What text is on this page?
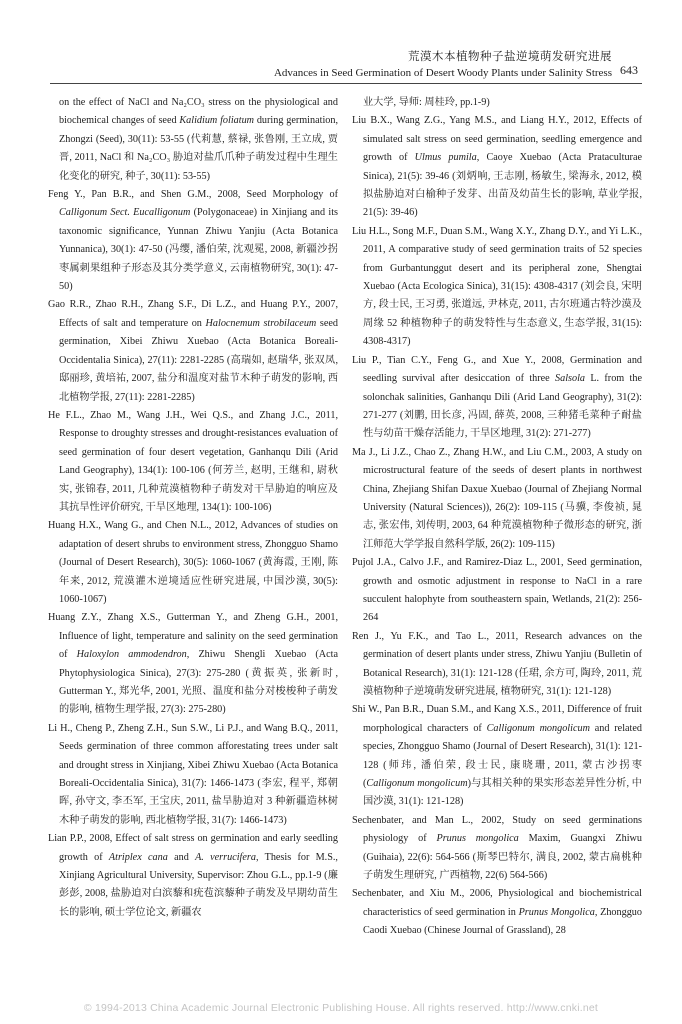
荒漠木本植物种子盐逆境萌发研究进展
Advances in Seed Germination of Desert Woody Plants under Salinity Stress 643

on the effect of NaCl and Na₂CO₃ stress on the physiological and biochemical changes of seed Kalidium foliatum during germination, Zhongzi (Seed), 30(11): 53-55 (代莉慧, 蔡禄, 张鲁刚, 王立成, 贾晋, 2011, NaCl 和 Na₂CO₃ 胁迫对盐爪爪种子萌发过程中生理生化变化的研究, 种子, 30(11): 53-55)

Feng Y., Pan B.R., and Shen G.M., 2008, Seed Morphology of Calligonum Sect. Eucalligonum (Polygonaceae) in Xinjiang and its taxonomic significance, Yunnan Zhiwu Yanjiu (Acta Botanica Yunnanica), 30(1): 47-50 (冯缨, 潘伯荣, 沈观冕, 2008, 新疆沙拐枣属刺果组种子形态及其分类学意义, 云南植物研究, 30(1): 47-50)

Gao R.R., Zhao R.H., Zhang S.F., Di L.Z., and Huang P.Y., 2007, Effects of salt and temperature on Halocnemum strobilaceum seed germination, Xibei Zhiwu Xuebao (Acta Botanica Boreali-Occidentalia Sinica), 27(11): 2281-2285 (高瑞如, 赵瑞华, 张双凤, 邸丽珍, 黄培祐, 2007, 盐分和温度对盐节木种子萌发的影响, 西北植物学报, 27(11): 2281-2285)

He F.L., Zhao M., Wang J.H., Wei Q.S., and Zhang J.C., 2011, Response to droughty stresses and drought-resistances evaluation of seed germination of four desert vegetation, Ganhanqu Dili (Arid Land Geography), 134(1): 100-106 (何芳兰, 赵明, 王继和, 尉秋实, 张锦春, 2011, 几种荒漠植物种子萌发对干旱胁迫的响应及其抗旱性评价研究, 干旱区地理, 134(1): 100-106)

Huang H.X., Wang G., and Chen N.L., 2012, Advances of studies on adaptation of desert shrubs to environment stress, Zhongguo Shamo (Journal of Desert Research), 30(5): 1060-1067 (黄海霞, 王刚, 陈年来, 2012, 荒漠灌木逆境适应性研究进展, 中国沙漠, 30(5): 1060-1067)

Huang Z.Y., Zhang X.S., Gutterman Y., and Zheng G.H., 2001, Influence of light, temperature and salinity on the seed germination of Haloxylon ammodendron, Zhiwu Shengli Xuebao (Acta Phytophysiologica Sinica), 27(3): 275-280 (黄振英, 张新时, Gutterman Y., 郑光华, 2001, 光照、温度和盐分对梭梭种子萌发的影响, 植物生理学报, 27(3): 275-280)

Li H., Cheng P., Zheng Z.H., Sun S.W., Li P.J., and Wang B.Q., 2011, Seeds germination of three common afforestating trees under salt and drought stress in Xinjiang, Xibei Zhiwu Xuebao (Acta Botanica Boreali-Occidentalia Sinica), 31(7): 1466-1473 (李宏, 程平, 郑朝晖, 孙守文, 李丕军, 王宝庆, 2011, 盐旱胁迫对 3 种新疆造林树木种子萌发的影响, 西北植物学报, 31(7): 1466-1473)

Lian P.P., 2008, Effect of salt stress on germination and early seedling growth of Atriplex cana and A. verrucifera, Thesis for M.S., Xinjiang Agricultural University, Supervisor: Zhou G.L., pp.1-9 (廉彭彭, 2008, 盐胁迫对白滨藜和疣苞滨藜种子萌发及早期幼苗生长的影响, 硕士学位论文, 新疆农

业大学, 导师: 周桂玲, pp.1-9)

Liu B.X., Wang Z.G., Yang M.S., and Liang H.Y., 2012, Effects of simulated salt stress on seed germination, seedling emergence and growth of Ulmus pumila, Caoye Xuebao (Acta Prataculturae Sinica), 21(5): 39-46 (刘炳响, 王志刚, 杨敏生, 梁海永, 2012, 模拟盐胁迫对白榆种子发芽、出苗及幼苗生长的影响, 草业学报, 21(5): 39-46)

Liu H.L., Song M.F., Duan S.M., Wang X.Y., Zhang D.Y., and Yi L.K., 2011, A comparative study of seed germination traits of 52 species from Gurbantunggut desert and its peripheral zone, Shengtai Xuebao (Acta Ecologica Sinica), 31(15): 4308-4317 (刘会良, 宋明方, 段士民, 王习勇, 张道远, 尹林克, 2011, 古尔班通古特沙漠及周缘 52 种植物种子的萌发特性与生态意义, 生态学报, 31(15): 4308-4317)

Liu P., Tian C.Y., Feng G., and Xue Y., 2008, Germination and seedling survival after desiccation of three Salsola L. from the solonchak salinities, Ganhanqu Dili (Arid Land Geography), 31(2): 271-277 (刘鹏, 田长彦, 冯固, 薛英, 2008, 三种猪毛菜种子耐盐性与幼苗干燥存活能力, 干旱区地理, 31(2): 271-277)

Ma J., Li J.Z., Chao Z., Zhang H.W., and Liu C.M., 2003, A study on microstructural feature of the seeds of desert plants in northwest China, Zhejiang Shifan Daxue Xuebao (Journal of Zhejiang Normal University (Natural Sciences)), 26(2): 109-115 (马骥, 李俊祯, 晁志, 张宏伟, 刘传明, 2003, 64 种荒漠植物种子微形态的研究, 浙江师范大学学报自然科学版, 26(2): 109-115)

Pujol J.A., Calvo J.F., and Ramirez-Diaz L., 2001, Seed germination, growth and osmotic adjustment in response to NaCl in a rare succulent halophyte from southeastern spain, Wetlands, 21(2): 256-264

Ren J., Yu F.K., and Tao L., 2011, Research advances on the germination of desert plants under stress, Zhiwu Yanjiu (Bulletin of Botanical Research), 31(1): 121-128 (任珺, 余方可, 陶玲, 2011, 荒漠植物种子逆境萌发研究进展, 植物研究, 31(1): 121-128)

Shi W., Pan B.R., Duan S.M., and Kang X.S., 2011, Difference of fruit morphological characters of Calligonum mongolicum and related species, Zhongguo Shamo (Journal of Desert Research), 31(1): 121-128 (师玮, 潘伯荣, 段士民, 康晓珊, 2011, 蒙古沙拐枣(Calligonum mongolicum)与其相关种的果实形态差异性分析, 中国沙漠, 31(1): 121-128)

Sechenbater, and Man L., 2002, Study on seed germinations physiology of Prunus mongolica Maxim, Guangxi Zhiwu (Guihaia), 22(6): 564-566 (斯琴巴特尔, 满良, 2002, 蒙古扁桃种子萌发生理研究, 广西植物, 22(6) 564-566)

Sechenbater, and Xiu M., 2006, Physiological and biochemistrical characteristics of seed germination in Prunus Mongolica, Zhongguo Caodi Xuebao (Chinese Journal of Grassland), 28

© 1994-2013 China Academic Journal Electronic Publishing House. All rights reserved. http://www.cnki.net
